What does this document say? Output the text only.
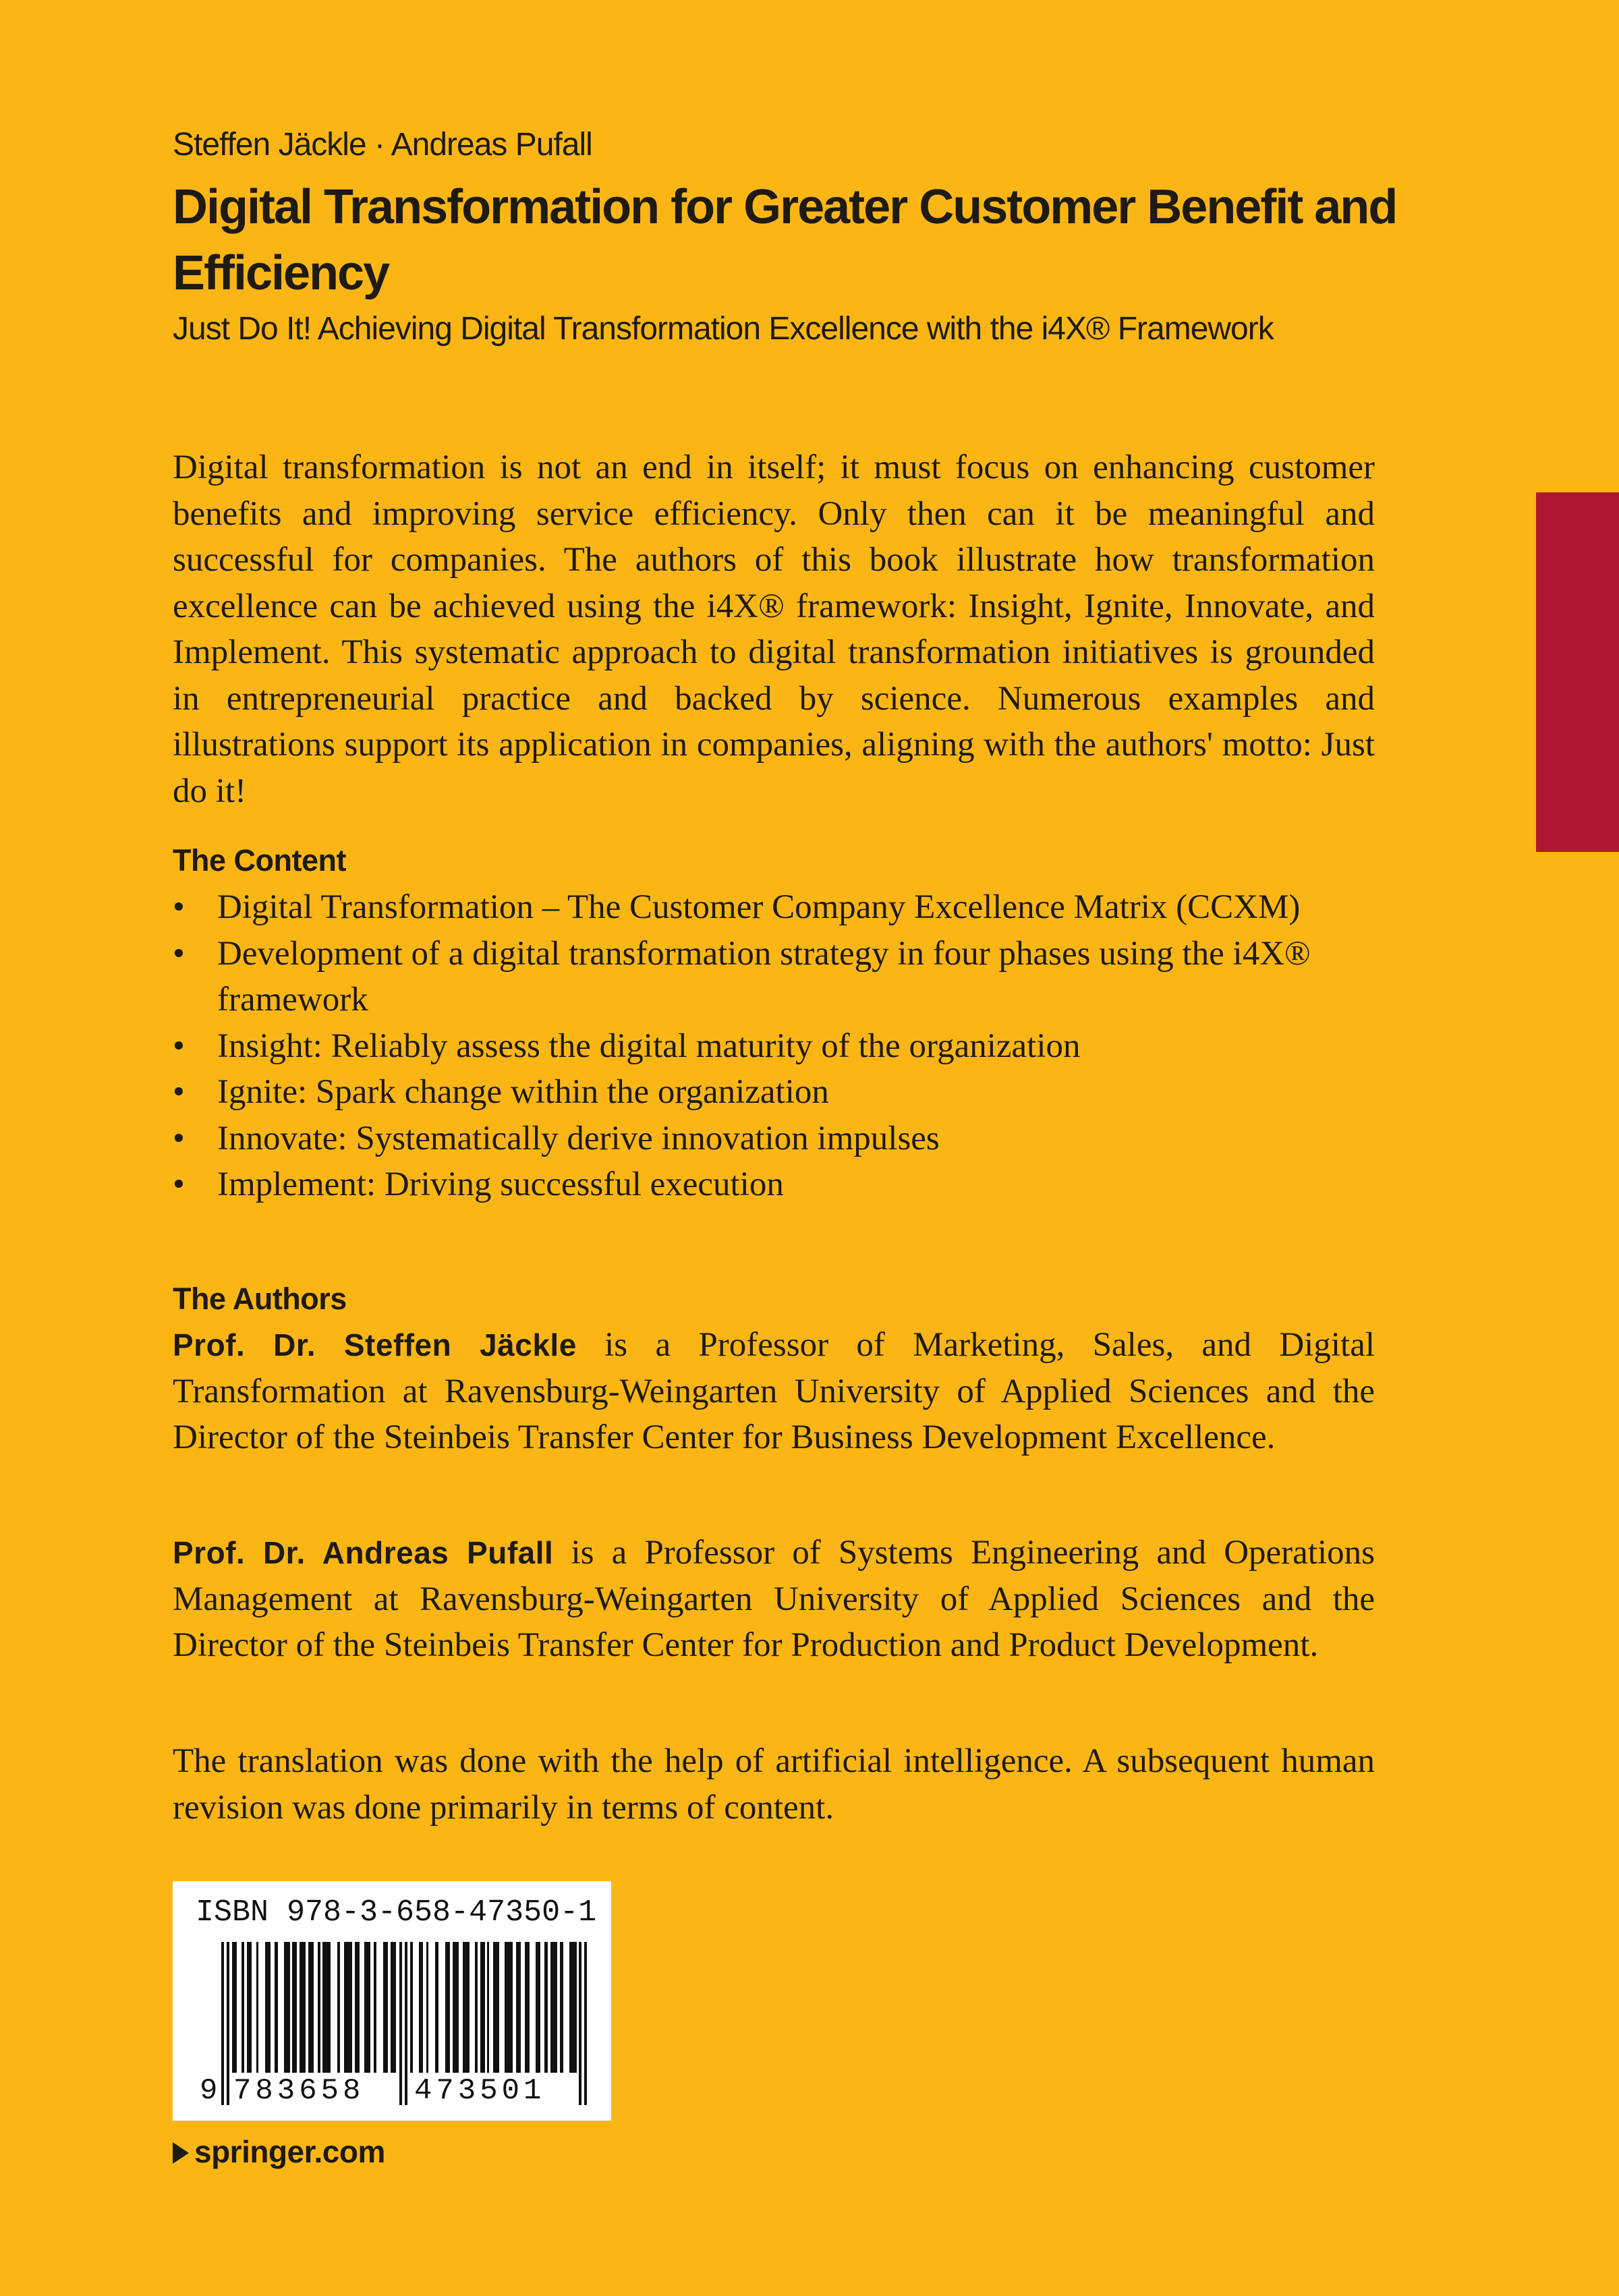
Steffen Jäckle · Andreas Pufall
Digital Transformation for Greater Customer Benefit and Efficiency
Just Do It! Achieving Digital Transformation Excellence with the i4X® Framework

Digital transformation is not an end in itself; it must focus on enhancing customer benefits and improving service efficiency. Only then can it be meaningful and successful for companies. The authors of this book illustrate how transformation excellence can be achieved using the i4X® framework: Insight, Ignite, Innovate, and Implement. This systematic approach to digital transformation initiatives is grounded in entrepreneurial practice and backed by science. Numerous examples and illustrations support its application in companies, aligning with the authors' motto: Just do it!

The Content
• Digital Transformation – The Customer Company Excellence Matrix (CCXM)
• Development of a digital transformation strategy in four phases using the i4X® framework
• Insight: Reliably assess the digital maturity of the organization
• Ignite: Spark change within the organization
• Innovate: Systematically derive innovation impulses
• Implement: Driving successful execution
The Authors

Prof. Dr. Steffen Jäckle is a Professor of Marketing, Sales, and Digital Transformation at Ravensburg-Weingarten University of Applied Sciences and the Director of the Steinbeis Transfer Center for Business Development Excellence.

Prof. Dr. Andreas Pufall is a Professor of Systems Engineering and Operations Management at Ravensburg-Weingarten University of Applied Sciences and the Director of the Steinbeis Transfer Center for Production and Product Development.

The translation was done with the help of artificial intelligence. A subsequent human revision was done primarily in terms of content.

ISBN 978-3-658-47350-1
9 783658 473501
springer.com
